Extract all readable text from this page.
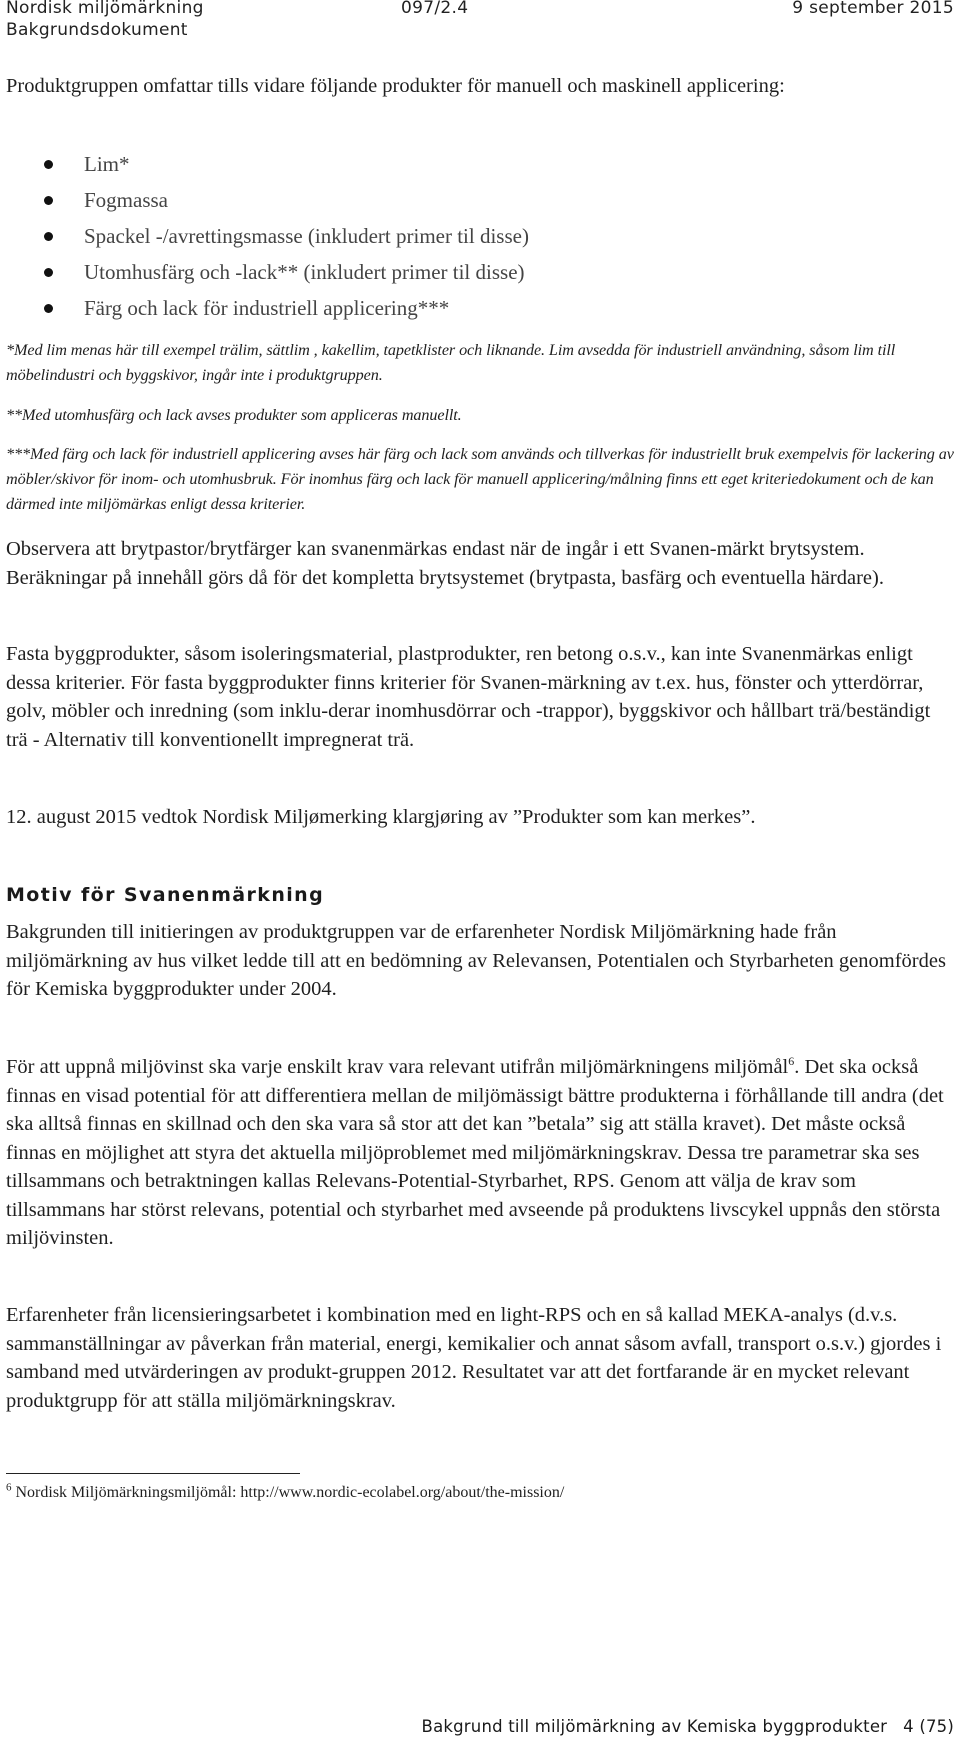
Nordisk miljömärkning	097/2.4	9 september 2015
Bakgrundsdokument
Produktgruppen omfattar tills vidare följande produkter för manuell och maskinell applicering:
Lim*
Fogmassa
Spackel -/avrettingsmasse (inkludert primer til disse)
Utomhusfärg och -lack** (inkludert primer til disse)
Färg och lack för industriell applicering***
*Med lim menas här till exempel trälim, sättlim , kakellim, tapetklister och liknande. Lim avsedda för industriell användning, såsom lim till möbelindustri och byggskivor, ingår inte i produktgruppen.
**Med utomhusfärg och lack avses produkter som appliceras manuellt.
***Med färg och lack för industriell applicering avses här färg och lack som används och tillverkas för industriellt bruk exempelvis för lackering av möbler/skivor för inom- och utomhusbruk. För inomhus färg och lack för manuell applicering/målning finns ett eget kriteriedokument och de kan därmed inte miljömärkas enligt dessa kriterier.
Observera att brytpastor/brytfärger kan svanenmärkas endast när de ingår i ett Svanen-märkt brytsystem. Beräkningar på innehåll görs då för det kompletta brytsystemet (brytpasta, basfärg och eventuella härdare).
Fasta byggprodukter, såsom isoleringsmaterial, plastprodukter, ren betong o.s.v., kan inte Svanenmärkas enligt dessa kriterier. För fasta byggprodukter finns kriterier för Svanen-märkning av t.ex. hus, fönster och ytterdörrar, golv, möbler och inredning (som inklu-derar inomhusdörrar och -trappor), byggskivor och hållbart trä/beständigt trä - Alternativ till konventionellt impregnerat trä.
12. august 2015 vedtok Nordisk Miljømerking klargjøring av ”Produkter som kan merkes”.
Motiv för Svanenmärkning
Bakgrunden till initieringen av produktgruppen var de erfarenheter Nordisk Miljömärkning hade från miljömärkning av hus vilket ledde till att en bedömning av Relevansen, Potentialen och Styrbarheten genomfördes för Kemiska byggprodukter under 2004.
För att uppnå miljövinst ska varje enskilt krav vara relevant utifrån miljömärkningens miljömål$^6$. Det ska också finnas en visad potential för att differentiera mellan de miljömässigt bättre produkterna i förhållande till andra (det ska alltså finnas en skillnad och den ska vara så stor att det kan ”betala” sig att ställa kravet). Det måste också finnas en möjlighet att styra det aktuella miljöproblemet med miljömärkningskrav. Dessa tre parametrar ska ses tillsammans och betraktningen kallas Relevans-Potential-Styrbarhet, RPS. Genom att välja de krav som tillsammans har störst relevans, potential och styrbarhet med avseende på produktens livscykel uppnås den största miljövinsten.
Erfarenheter från licensieringsarbetet i kombination med en light-RPS och en så kallad MEKA-analys (d.v.s. sammanställningar av påverkan från material, energi, kemikalier och annat såsom avfall, transport o.s.v.) gjordes i samband med utvärderingen av produkt-gruppen 2012. Resultatet var att det fortfarande är en mycket relevant produktgrupp för att ställa miljömärkningskrav.
$^6$ Nordisk Miljömärkningsmiljömål: http://www.nordic-ecolabel.org/about/the-mission/
Bakgrund till miljömärkning av Kemiska byggprodukter 4 (75)
